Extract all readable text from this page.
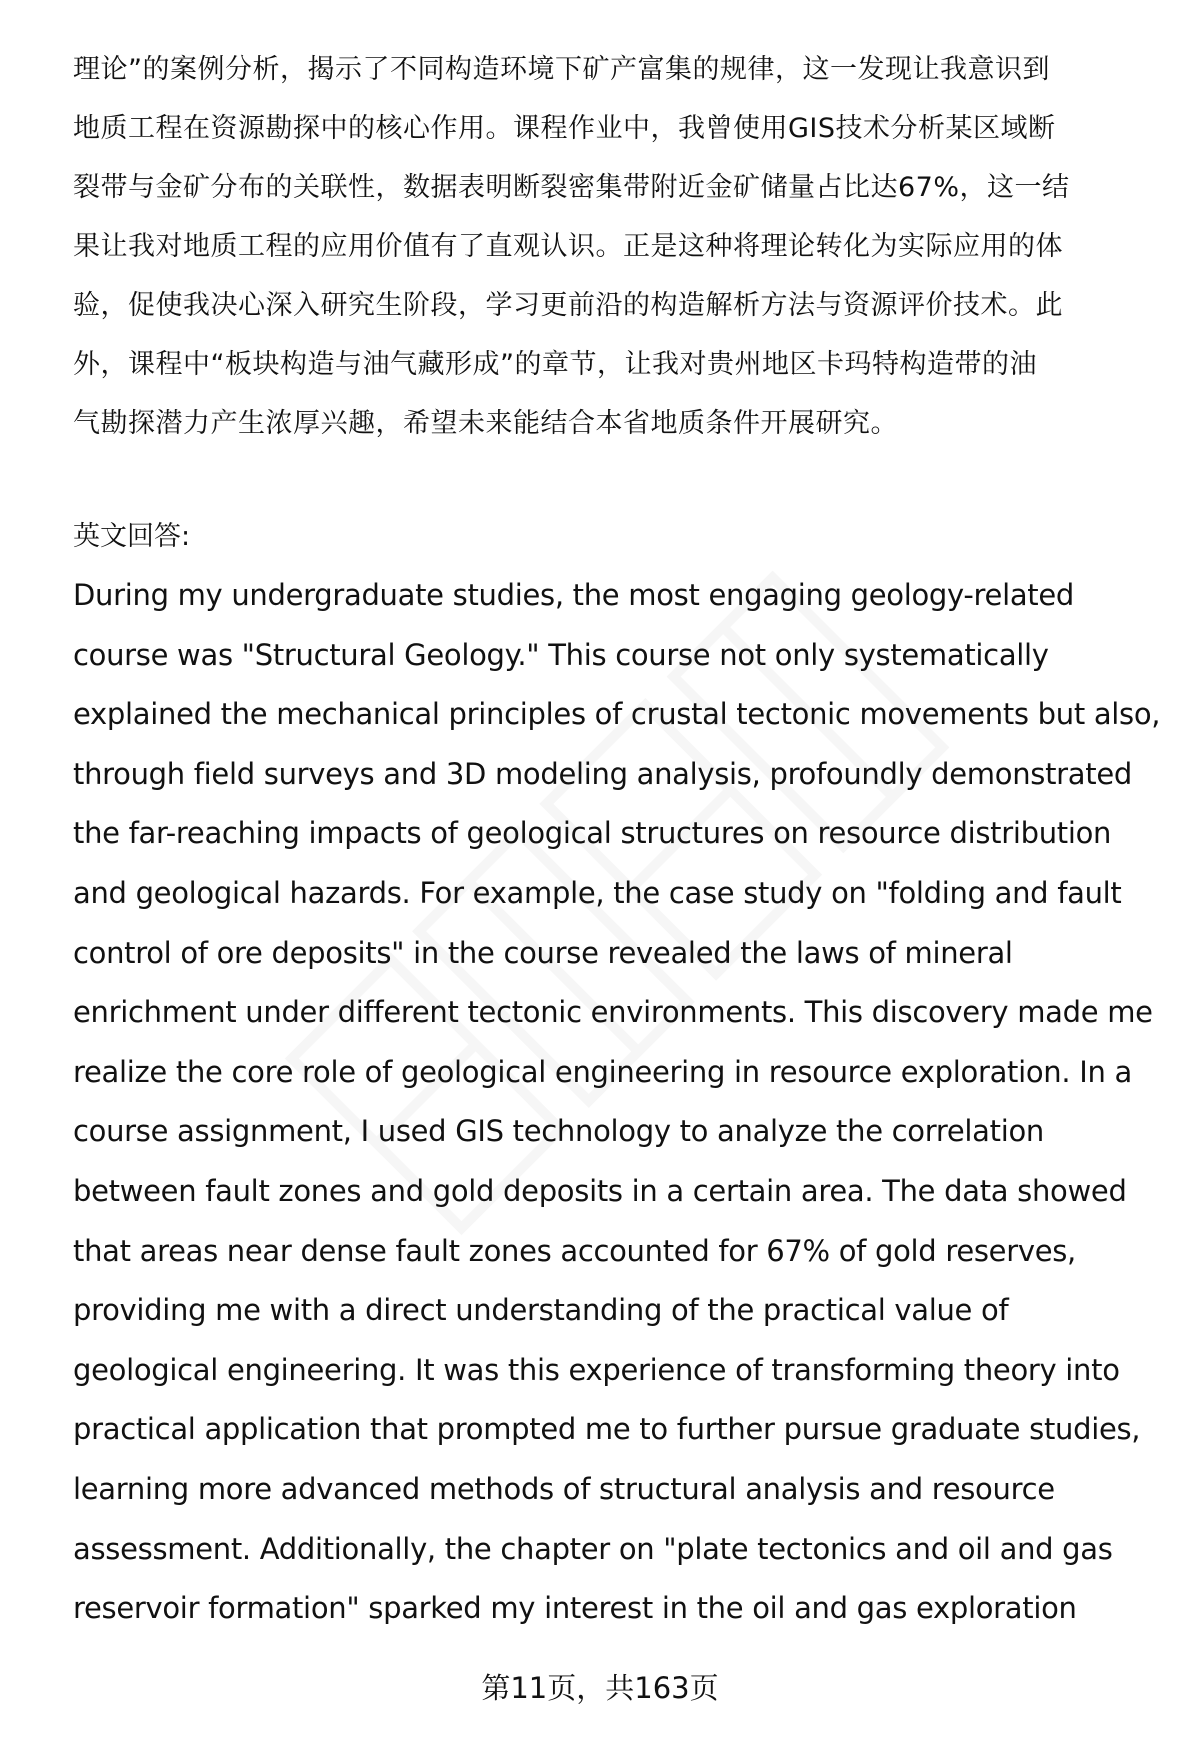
理论”的案例分析，揭示了不同构造环境下矿产富集的规律，这一发现让我意识到
地质工程在资源勘探中的核心作用。课程作业中，我曾使用GIS技术分析某区域断
裂带与金矿分布的关联性，数据表明断裂密集带附近金矿储量占比达67%，这一结
果让我对地质工程的应用价值有了直观认识。正是这种将理论转化为实际应用的体
验，促使我决心深入研究生阶段，学习更前沿的构造解析方法与资源评价技术。此
外，课程中“板块构造与油气藏形成”的章节，让我对贵州地区卡玛特构造带的油
气勘探潜力产生浓厚兴趣，希望未来能结合本省地质条件开展研究。
英文回答:
During my undergraduate studies, the most engaging geology-related
course was "Structural Geology." This course not only systematically
explained the mechanical principles of crustal tectonic movements but also,
through field surveys and 3D modeling analysis, profoundly demonstrated
the far-reaching impacts of geological structures on resource distribution
and geological hazards. For example, the case study on "folding and fault
control of ore deposits" in the course revealed the laws of mineral
enrichment under different tectonic environments. This discovery made me
realize the core role of geological engineering in resource exploration. In a
course assignment, I used GIS technology to analyze the correlation
between fault zones and gold deposits in a certain area. The data showed
that areas near dense fault zones accounted for 67% of gold reserves,
providing me with a direct understanding of the practical value of
geological engineering. It was this experience of transforming theory into
practical application that prompted me to further pursue graduate studies,
learning more advanced methods of structural analysis and resource
assessment. Additionally, the chapter on "plate tectonics and oil and gas
reservoir formation" sparked my interest in the oil and gas exploration
第11页，共163页
